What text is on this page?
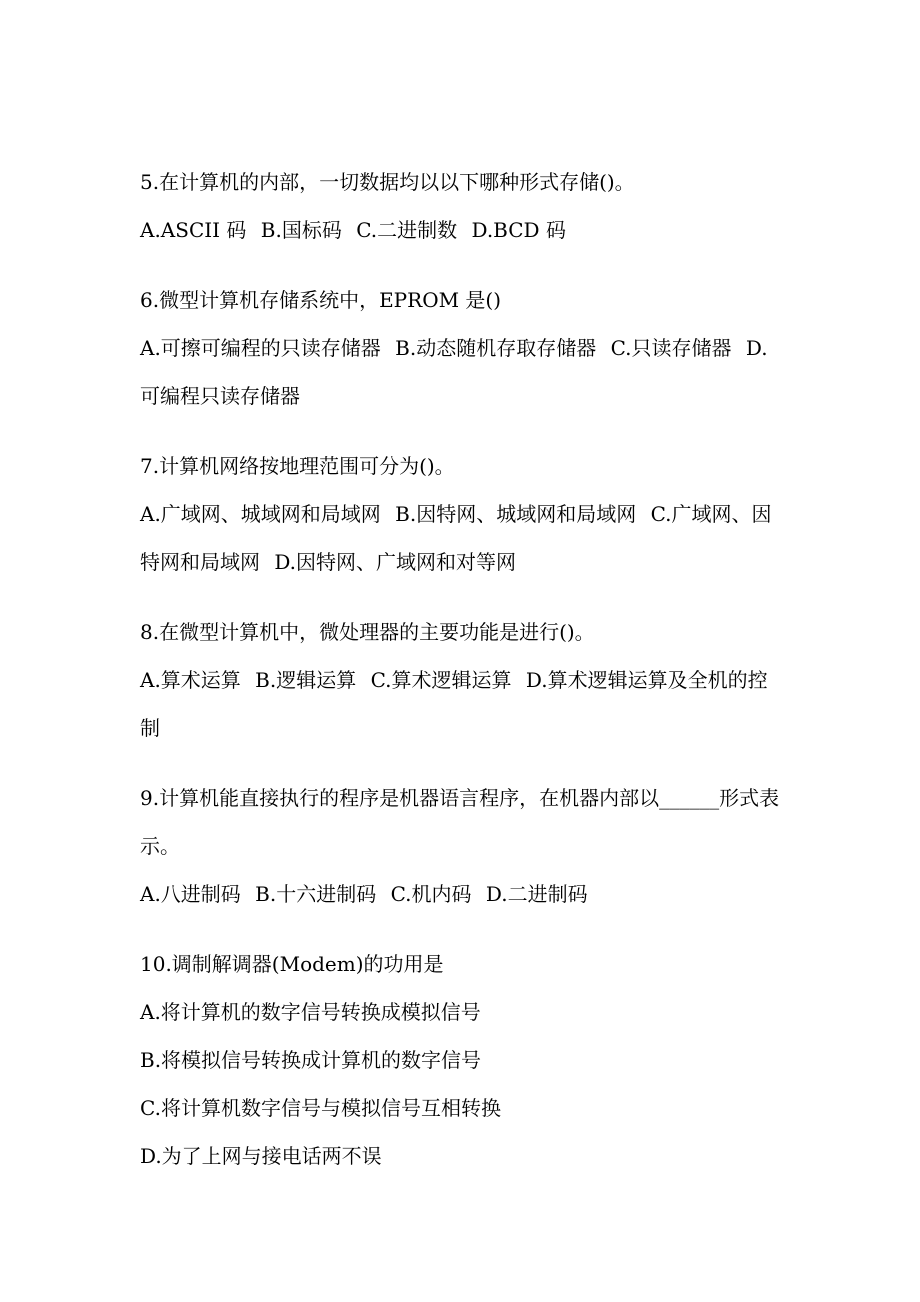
5.在计算机的内部，一切数据均以以下哪种形式存储()。
A.ASCII 码 B.国标码 C.二进制数 D.BCD 码
6.微型计算机存储系统中，EPROM 是()
A.可擦可编程的只读存储器 B.动态随机存取存储器 C.只读存储器 D.可编程只读存储器
7.计算机网络按地理范围可分为()。
A.广域网、城域网和局域网 B.因特网、城域网和局域网 C.广域网、因特网和局域网 D.因特网、广域网和对等网
8.在微型计算机中，微处理器的主要功能是进行()。
A.算术运算 B.逻辑运算 C.算术逻辑运算 D.算术逻辑运算及全机的控制
9.计算机能直接执行的程序是机器语言程序，在机器内部以______形式表示。
A.八进制码 B.十六进制码 C.机内码 D.二进制码
10.调制解调器(Modem)的功用是
A.将计算机的数字信号转换成模拟信号
B.将模拟信号转换成计算机的数字信号
C.将计算机数字信号与模拟信号互相转换
D.为了上网与接电话两不误
